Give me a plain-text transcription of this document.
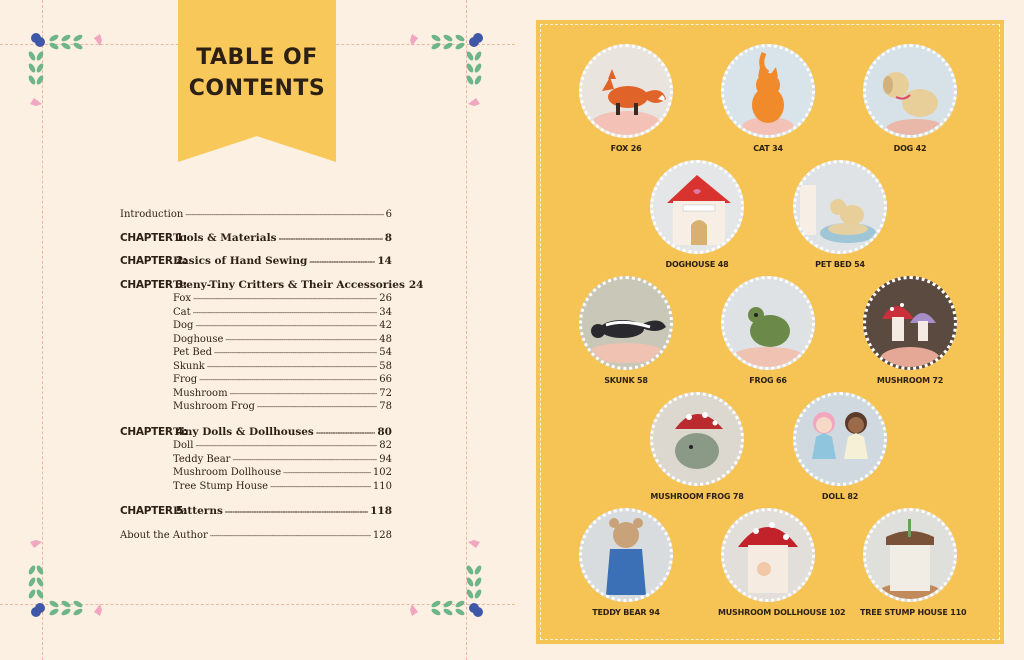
TABLE OF
CONTENTS
Introduction -----	6
CHAPTER 1:
Tools & Materials -----	8
CHAPTER 2:
Basics of Hand Sewing -----	14
CHAPTER 3:
Teeny-Tiny Critters & Their Accessories 24
Fox -----	26
Cat -----	34
Dog -----	42
Doghouse -----	48
Pet Bed -----	54
Skunk -----	58
Frog -----	66
Mushroom -----	72
Mushroom Frog -----	78
CHAPTER 4:
Tiny Dolls & Dollhouses -----	80
Doll -----	82
Teddy Bear -----	94
Mushroom Dollhouse -----	102
Tree Stump House -----	110
CHAPTER 5:
Patterns -----	118
About the Author -----	128
FOX 26	CAT 34	DOG 42
DOGHOUSE 48	PET BED 54
SKUNK 58	FROG 66	MUSHROOM 72
MUSHROOM FROG 78	DOLL 82
TEDDY BEAR 94	MUSHROOM DOLLHOUSE 102 TREE STUMP HOUSE 110
